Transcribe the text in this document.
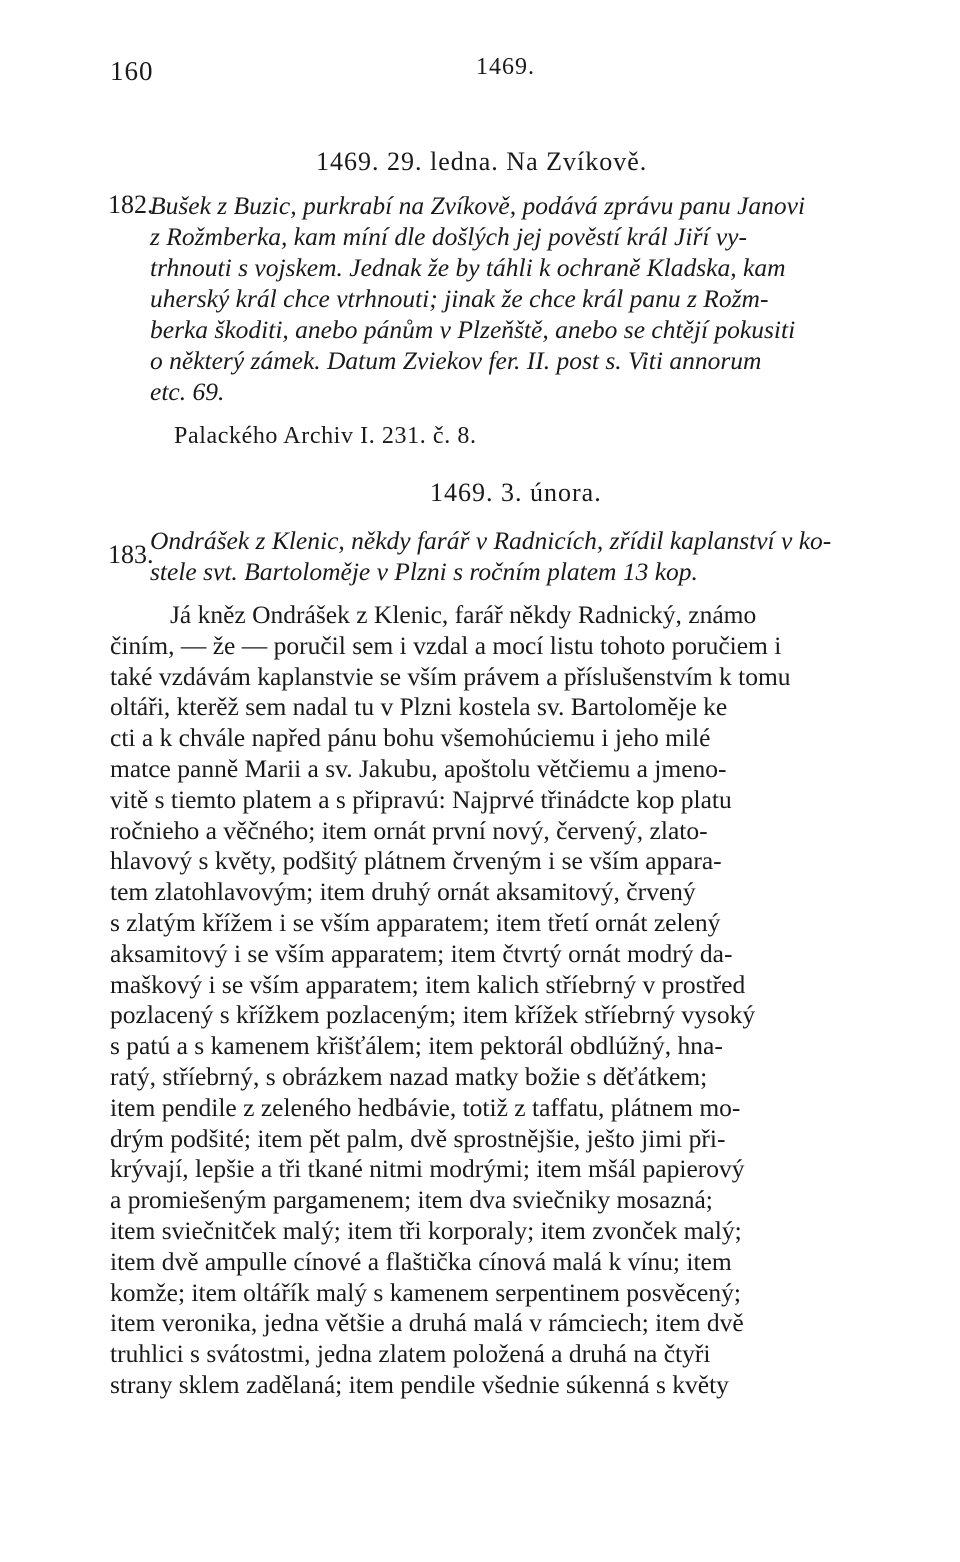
160	1469.
1469. 29. ledna. Na Zvíkově.
182.
Bušek z Buzic, purkrabí na Zvíkově, podává zprávu panu Janovi
z Rožmberka, kam míní dle došlých jej pověstí král Jiří vy-
trhnouti s vojskem. Jednak že by táhli k ochraně Kladska, kam
uherský král chce vtrhnouti; jinak že chce král panu z Rožm-
berka škoditi, anebo pánům v Plzeňště, anebo se chtějí pokusiti
o některý zámek. Datum Zviekov fer. II. post s. Viti annorum
etc. 69.
Palackého Archiv I. 231. č. 8.
1469. 3. února.
183.
Ondrášek z Klenic, někdy farář v Radnicích, zřídil kaplanství v ko-
stele svt. Bartoloměje v Plzni s ročním platem 13 kop.
Já kněz Ondrášek z Klenic, farář někdy Radnický, známo
činím, — že — poručil sem i vzdal a mocí listu tohoto poručiem i
také vzdávám kaplanstvie se vším právem a příslušenstvím k tomu
oltáři, kterěž sem nadal tu v Plzni kostela sv. Bartoloměje ke
cti a k chvále napřed pánu bohu všemohúciemu i jeho milé
matce panně Marii a sv. Jakubu, apoštolu větčiemu a jmeno-
vitě s tiemto platem a s připravú: Najprvé třinádcte kop platu
ročnieho a věčného; item ornát první nový, červený, zlato-
hlavový s květy, podšitý plátnem črveným i se vším appara-
tem zlatohlavovým; item druhý ornát aksamitový, črvený
s zlatým křížem i se vším apparatem; item třetí ornát zelený
aksamitový i se vším apparatem; item čtvrtý ornát modrý da-
maškový i se vším apparatem; item kalich stříebrný v prostřed
pozlacený s křížkem pozlaceným; item křížek stříebrný vysoký
s patú a s kamenem křišťálem; item pektorál obdlúžný, hna-
ratý, stříebrný, s obrázkem nazad matky božie s děťátkem;
item pendile z zeleného hedbávie, totiž z taffatu, plátnem mo-
drým podšité; item pět palm, dvě sprostnějšie, ještо jimi při-
krývají, lepšie a tři tkané nitmi modrými; item mšál papierový
a promiešeným pargamenem; item dva sviečniky mosazná;
item sviečnitček malý; item tři korporaly; item zvonček malý;
item dvě ampulle cínové a flaštička cínová malá k vínu; item
komže; item oltářík malý s kamenem serpentinem posvěcený;
item veronika, jedna většie a druhá malá v rámcieсh; item dvě
truhlici s svátostmi, jedna zlatem položená a druhá na čtyři
strany sklem zadělaná; item pendile všednie súkenná s květy
